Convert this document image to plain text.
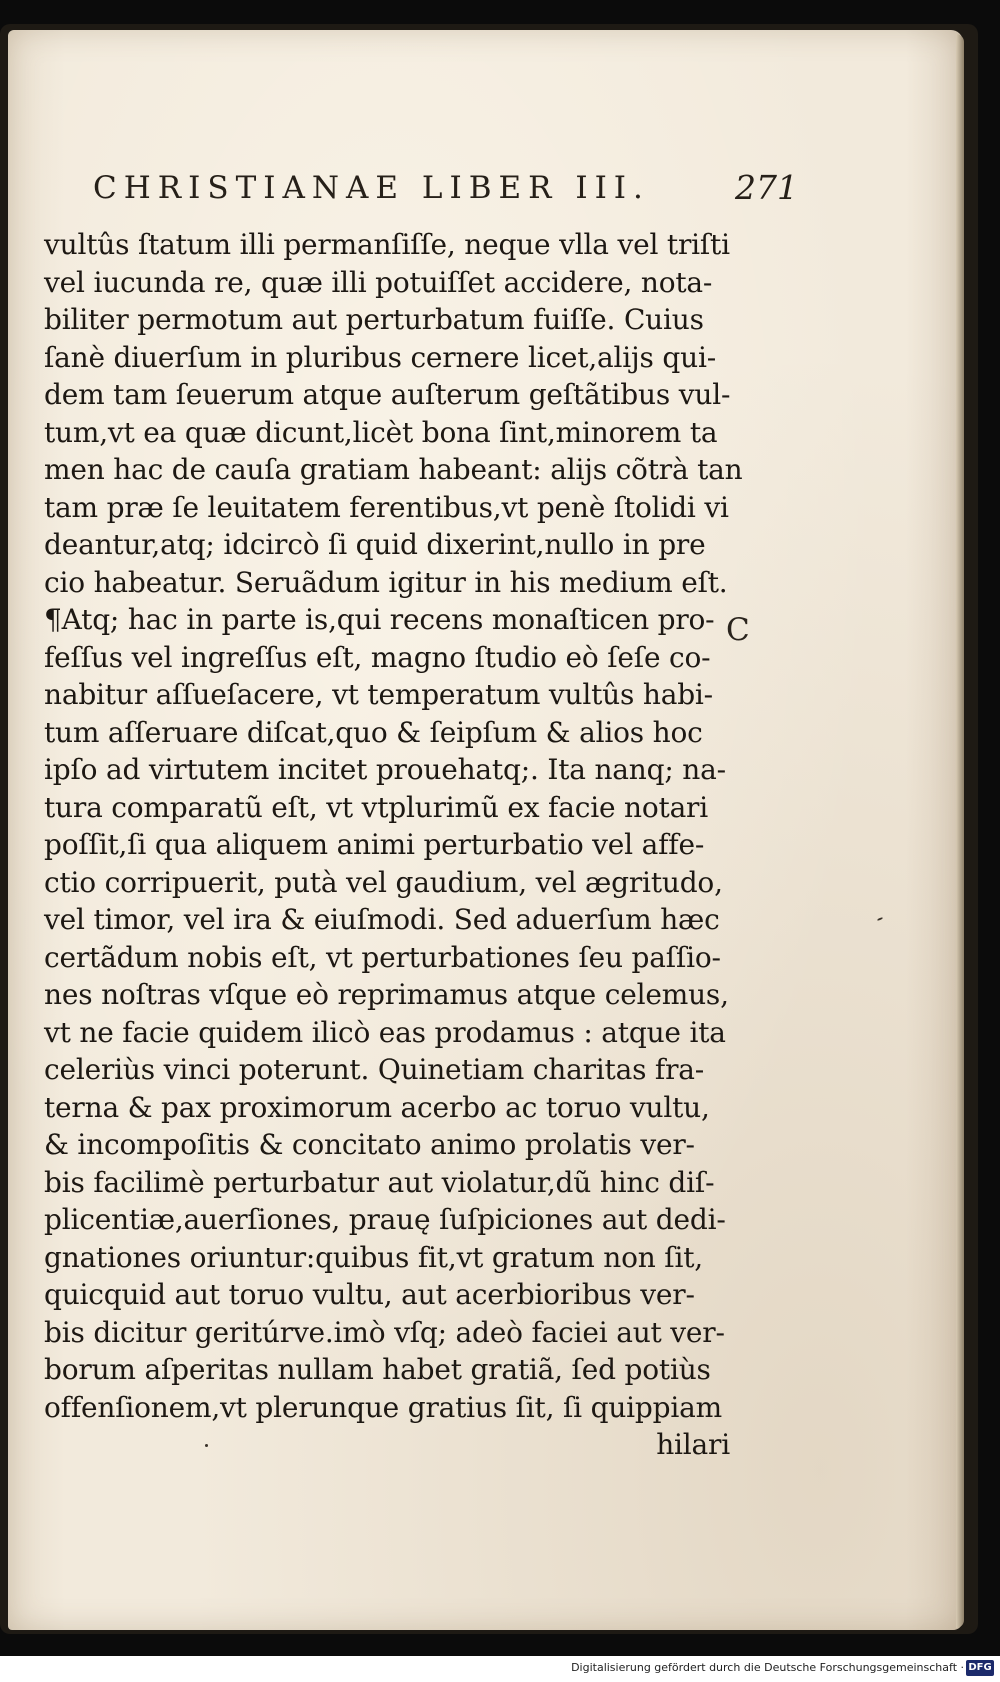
CHRISTIANAE LIBER III.	271
vultûs ſtatum illi permanſiſſe, neque vlla vel triſti
vel iucunda re, quæ illi potuiſſet accidere, nota-
biliter permotum aut perturbatum fuiſſe. Cuius
ſanè diuerſum in pluribus cernere licet,alijs qui-
dem tam ſeuerum atque auſterum geſtãtibus vul-
tum,vt ea quæ dicunt,licèt bona ſint,minorem ta
men hac de cauſa gratiam habeant: alijs cõtrà tan
tam præ ſe leuitatem ferentibus,vt penè ſtolidi vi
deantur,atq; idcircò ſi quid dixerint,nullo in pre
cio habeatur. Seruãdum igitur in his medium eſt.
¶Atq; hac in parte is,qui recens monaſticen pro-
feſſus vel ingreſſus eſt, magno ſtudio eò ſeſe co-
nabitur aſſueſacere, vt temperatum vultûs habi-
tum aſſeruare diſcat,quo & ſeipſum & alios hoc
ipſo ad virtutem incitet prouehatq;. Ita nanq; na-
tura comparatũ eſt, vt vtplurimũ ex facie notari
poſſit,ſi qua aliquem animi perturbatio vel affe-
ctio corripuerit, putà vel gaudium, vel ægritudo,
vel timor, vel ira & eiuſmodi. Sed aduerſum hæc
certãdum nobis eſt, vt perturbationes ſeu paſſio-
nes noſtras vſque eò reprimamus atque celemus,
vt ne facie quidem ilicò eas prodamus : atque ita
celeriùs vinci poterunt. Quinetiam charitas fra-
terna & pax proximorum acerbo ac toruo vultu,
& incompoſitis & concitato animo prolatis ver-
bis facilimè perturbatur aut violatur,dũ hinc diſ-
plicentiæ,auerſiones, prauę ſuſpiciones aut dedi-
gnationes oriuntur:quibus fit,vt gratum non ſit,
quicquid aut toruo vultu, aut acerbioribus ver-
bis dicitur geritúrve.imò vſq; adeò faciei aut ver-
borum aſperitas nullam habet gratiã, ſed potiùs
offenſionem,vt plerunque gratius ſit, ſi quippiam
hilari
C
Digitalisierung gefördert durch die Deutsche Forschungsgemeinschaft · DFG
